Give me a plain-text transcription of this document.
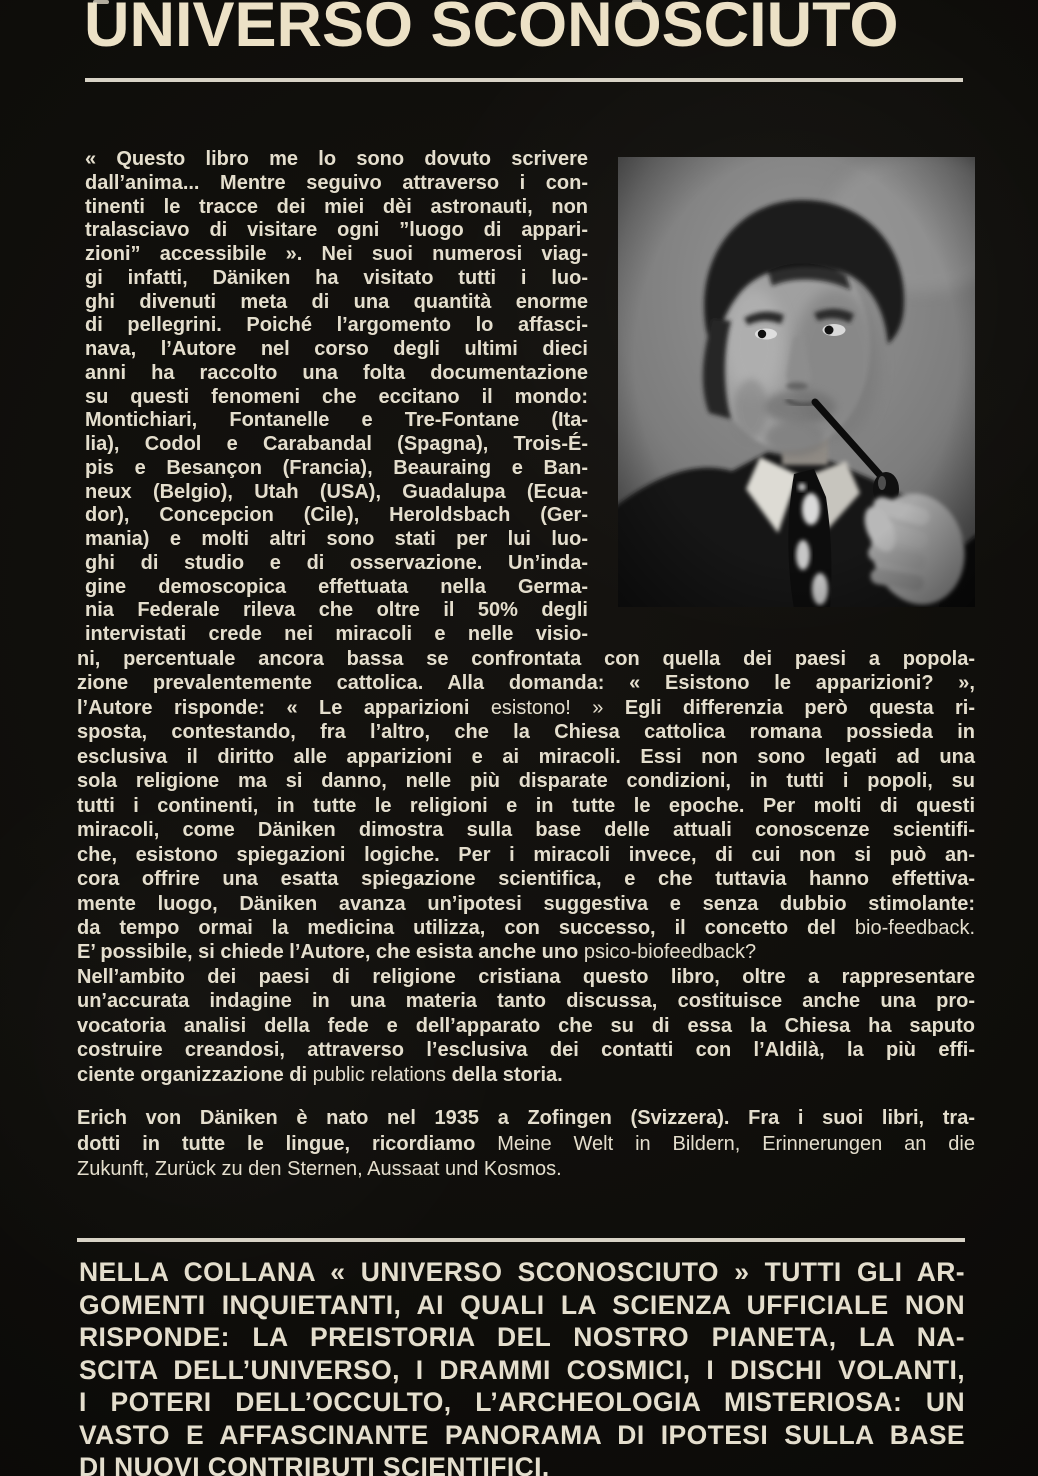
UNIVERSO SCONOSCIUTO
« Questo libro me lo sono dovuto scrivere
dall’anima... Mentre seguivo attraverso i con-
tinenti le tracce dei miei dèi astronauti, non
tralasciavo di visitare ogni ”luogo di appari-
zioni” accessibile ». Nei suoi numerosi viag-
gi infatti, Däniken ha visitato tutti i luo-
ghi divenuti meta di una quantità enorme
di pellegrini. Poiché l’argomento lo affasci-
nava, l’Autore nel corso degli ultimi dieci
anni ha raccolto una folta documentazione
su questi fenomeni che eccitano il mondo:
Montichiari, Fontanelle e Tre-Fontane (Ita-
lia), Codol e Carabandal (Spagna), Trois-É-
pis e Besançon (Francia), Beauraing e Ban-
neux (Belgio), Utah (USA), Guadalupa (Ecua-
dor), Concepcion (Cile), Heroldsbach (Ger-
mania) e molti altri sono stati per lui luo-
ghi di studio e di osservazione. Un’inda-
gine demoscopica effettuata nella Germa-
nia Federale rileva che oltre il 50% degli
intervistati crede nei miracoli e nelle visio-
ni, percentuale ancora bassa se confrontata con quella dei paesi a popola-
zione prevalentemente cattolica. Alla domanda: « Esistono le apparizioni? »,
l’Autore risponde: « Le apparizioni esistono! » Egli differenzia però questa ri-
sposta, contestando, fra l’altro, che la Chiesa cattolica romana possieda in
esclusiva il diritto alle apparizioni e ai miracoli. Essi non sono legati ad una
sola religione ma si danno, nelle più disparate condizioni, in tutti i popoli, su
tutti i continenti, in tutte le religioni e in tutte le epoche. Per molti di questi
miracoli, come Däniken dimostra sulla base delle attuali conoscenze scientifi-
che, esistono spiegazioni logiche. Per i miracoli invece, di cui non si può an-
cora offrire una esatta spiegazione scientifica, e che tuttavia hanno effettiva-
mente luogo, Däniken avanza un’ipotesi suggestiva e senza dubbio stimolante:
da tempo ormai la medicina utilizza, con successo, il concetto del bio-feedback.
E’ possibile, si chiede l’Autore, che esista anche uno psico-biofeedback?
Nell’ambito dei paesi di religione cristiana questo libro, oltre a rappresentare
un’accurata indagine in una materia tanto discussa, costituisce anche una pro-
vocatoria analisi della fede e dell’apparato che su di essa la Chiesa ha saputo
costruire creandosi, attraverso l’esclusiva dei contatti con l’Aldilà, la più effi-
ciente organizzazione di public relations della storia.
Erich von Däniken è nato nel 1935 a Zofingen (Svizzera). Fra i suoi libri, tra-
dotti in tutte le lingue, ricordiamo Meine Welt in Bildern, Erinnerungen an die
Zukunft, Zurück zu den Sternen, Aussaat und Kosmos.
NELLA COLLANA « UNIVERSO SCONOSCIUTO » TUTTI GLI AR-
GOMENTI INQUIETANTI, AI QUALI LA SCIENZA UFFICIALE NON
RISPONDE: LA PREISTORIA DEL NOSTRO PIANETA, LA NA-
SCITA DELL’UNIVERSO, I DRAMMI COSMICI, I DISCHI VOLANTI,
I POTERI DELL’OCCULTO, L’ARCHEOLOGIA MISTERIOSA: UN
VASTO E AFFASCINANTE PANORAMA DI IPOTESI SULLA BASE
DI NUOVI CONTRIBUTI SCIENTIFICI.
